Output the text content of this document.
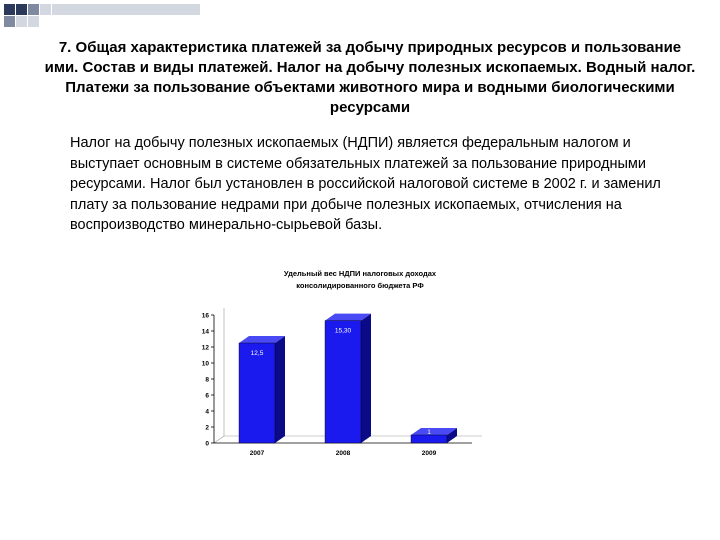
7. Общая характеристика платежей за добычу природных ресурсов и пользование ими. Состав и виды платежей. Налог на добычу полезных ископаемых. Водный налог. Платежи за пользование объектами животного мира и водными биологическими ресурсами
Налог на добычу полезных ископаемых (НДПИ) является федеральным налогом и выступает основным в системе обязательных платежей за пользование природными ресурсами. Налог был установлен в российской налоговой системе в 2002 г. и заменил плату за пользование недрами при добыче полезных ископаемых, отчисления на воспроизводство минерально-сырьевой базы.
Удельный вес НДПИ налоговых доходах
консолидированного бюджета РФ
0
2
4
6
8
10
12
14
16
12,5
2007
15,30
2008
1
2009
